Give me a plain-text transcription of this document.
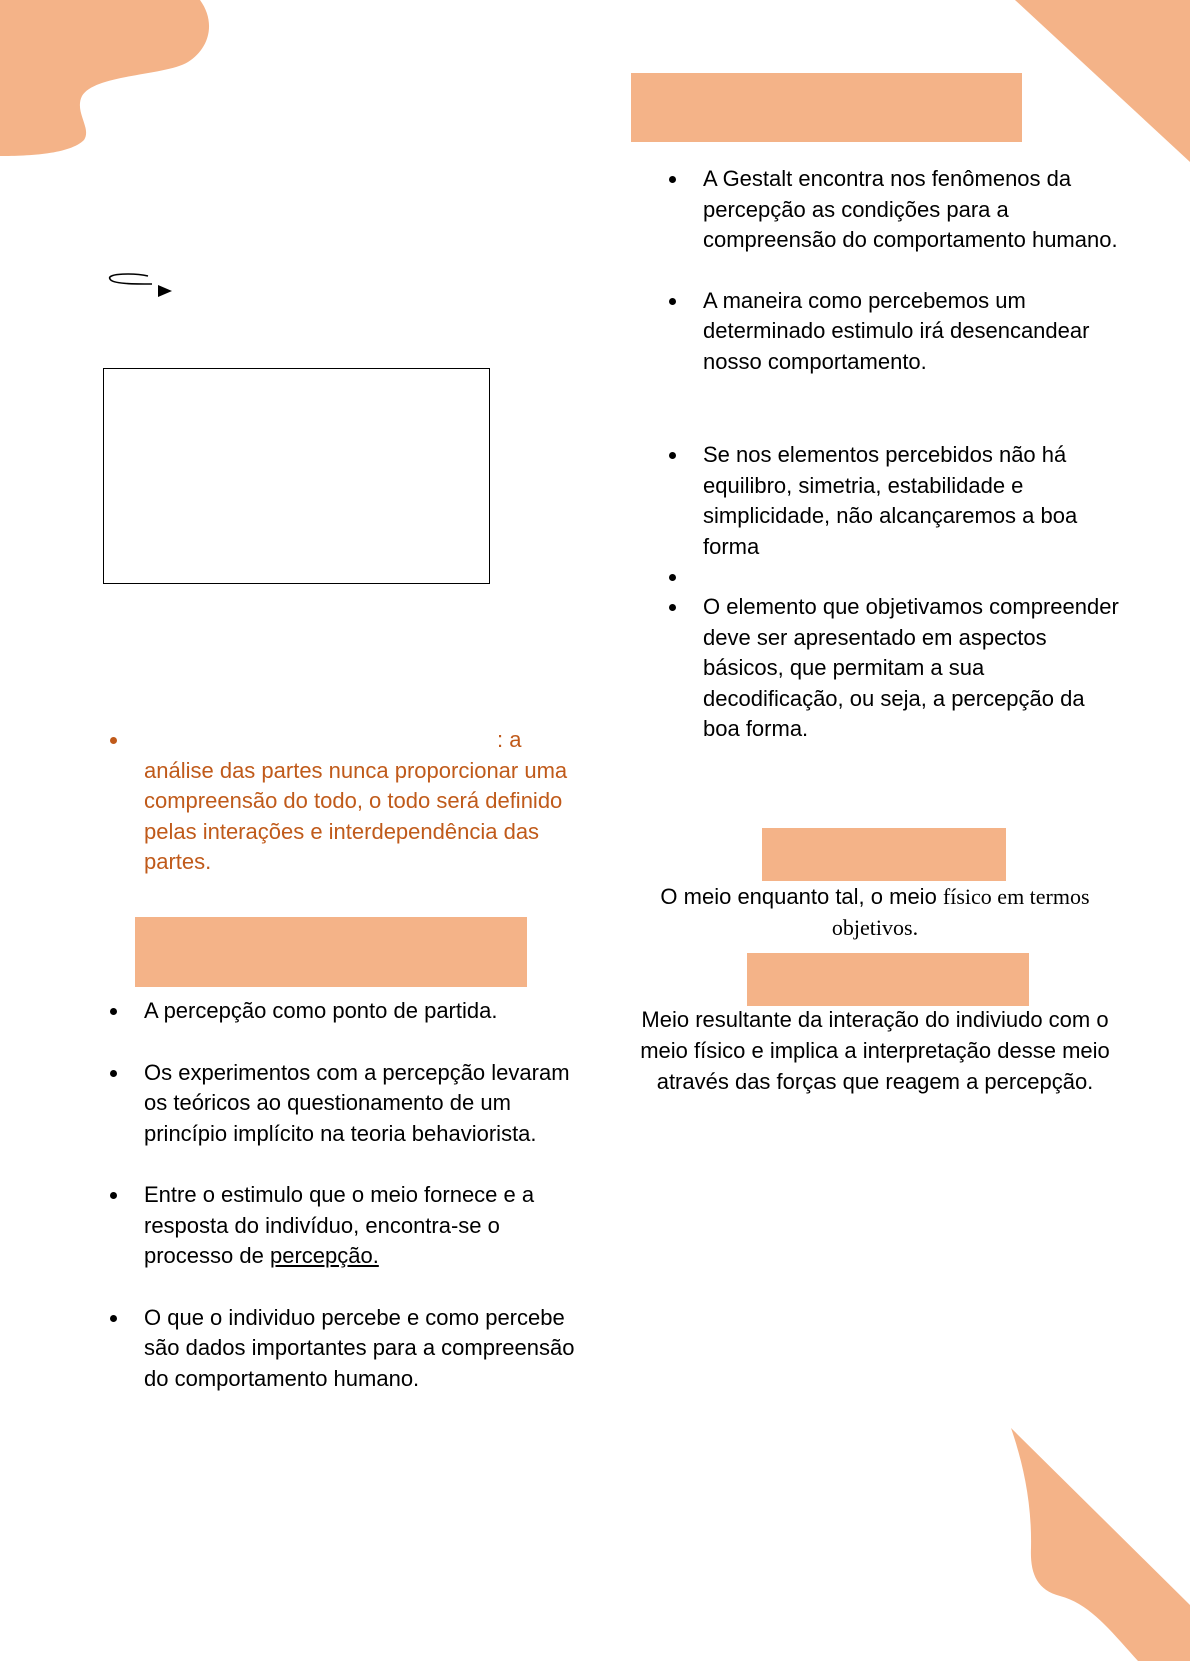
: a análise das partes nunca proporcionar uma compreensão do todo, o todo será definido pelas interações e interdependência das partes.
A percepção como ponto de partida.
Os experimentos com a percepção levaram os teóricos ao questionamento de um princípio implícito na teoria behaviorista.
Entre o estimulo que o meio fornece e a resposta do indivíduo, encontra-se o processo de percepção.
O que o individuo percebe e como percebe são dados importantes para a compreensão do comportamento humano.
A Gestalt encontra nos fenômenos da percepção as condições para a compreensão do comportamento humano.
A maneira como percebemos um determinado estimulo irá desencandear nosso comportamento.
Se nos elementos percebidos não há equilibro, simetria, estabilidade e simplicidade, não alcançaremos a boa forma
O elemento que objetivamos compreender deve ser apresentado em aspectos básicos, que permitam a sua decodificação, ou seja, a percepção da boa forma.
O meio enquanto tal, o meio físico em termos objetivos.
Meio resultante da interação do indiviudo com o meio físico e implica a interpretação desse meio através das forças que reagem a percepção.
